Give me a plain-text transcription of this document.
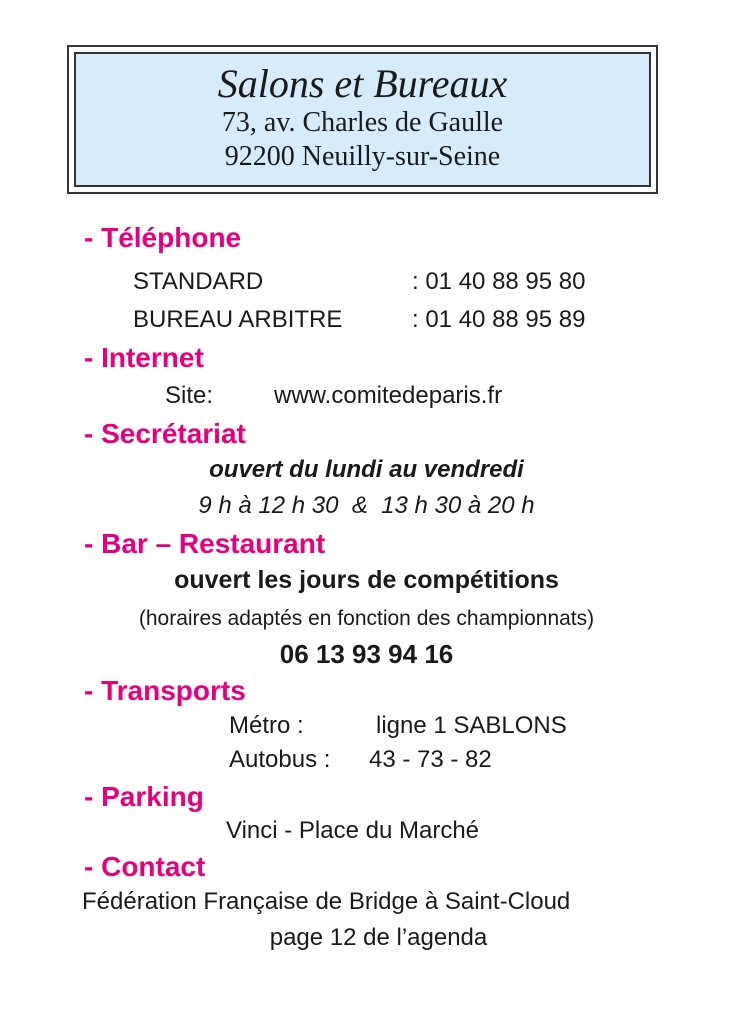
Salons et Bureaux
73, av. Charles de Gaulle
92200 Neuilly-sur-Seine
- Téléphone
STANDARD	: 01 40 88 95 80
BUREAU ARBITRE	: 01 40 88 95 89
- Internet
Site:	www.comitedeparis.fr
- Secrétariat
ouvert du lundi au vendredi
9 h à 12 h 30  &  13 h 30 à 20 h
- Bar – Restaurant
ouvert les jours de compétitions
(horaires adaptés en fonction des championnats)
06 13 93 94 16
- Transports
Métro :	ligne 1 SABLONS
Autobus : 43 - 73 - 82
- Parking
Vinci - Place du Marché
- Contact
Fédération Française de Bridge à Saint-Cloud
page 12 de l’agenda
